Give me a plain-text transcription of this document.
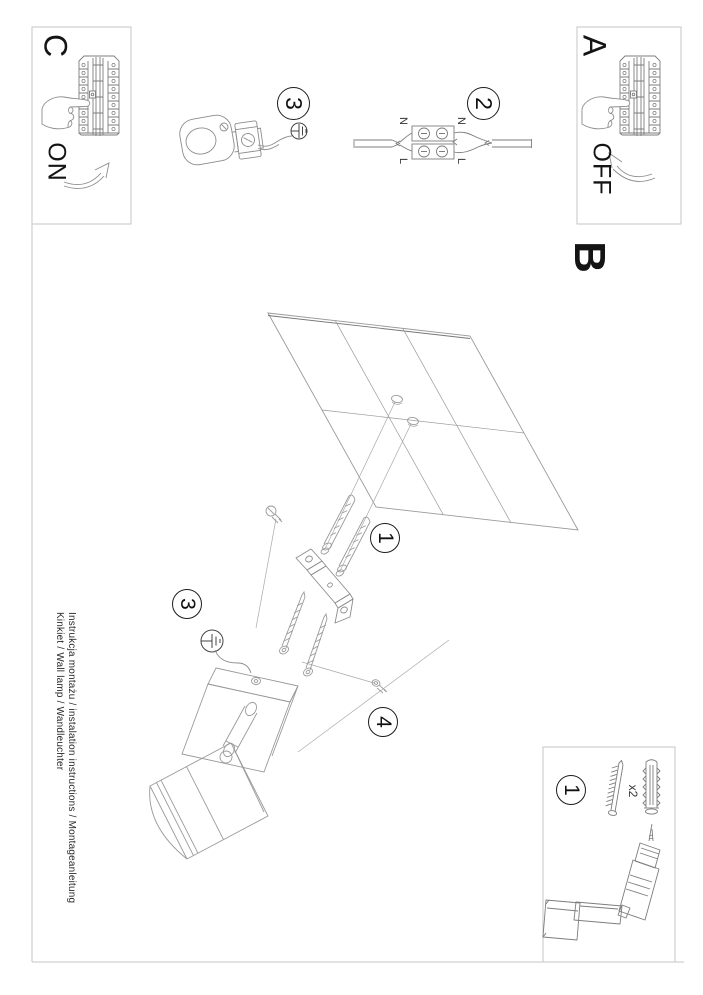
C
ON
A
OFF
B
N	N
L	L
x2
3	2
1
3
4
1
Instrukcja montażu / instalation instructions / Montageanleitung
Kinkiet / Wall lamp / Wandleuchter
